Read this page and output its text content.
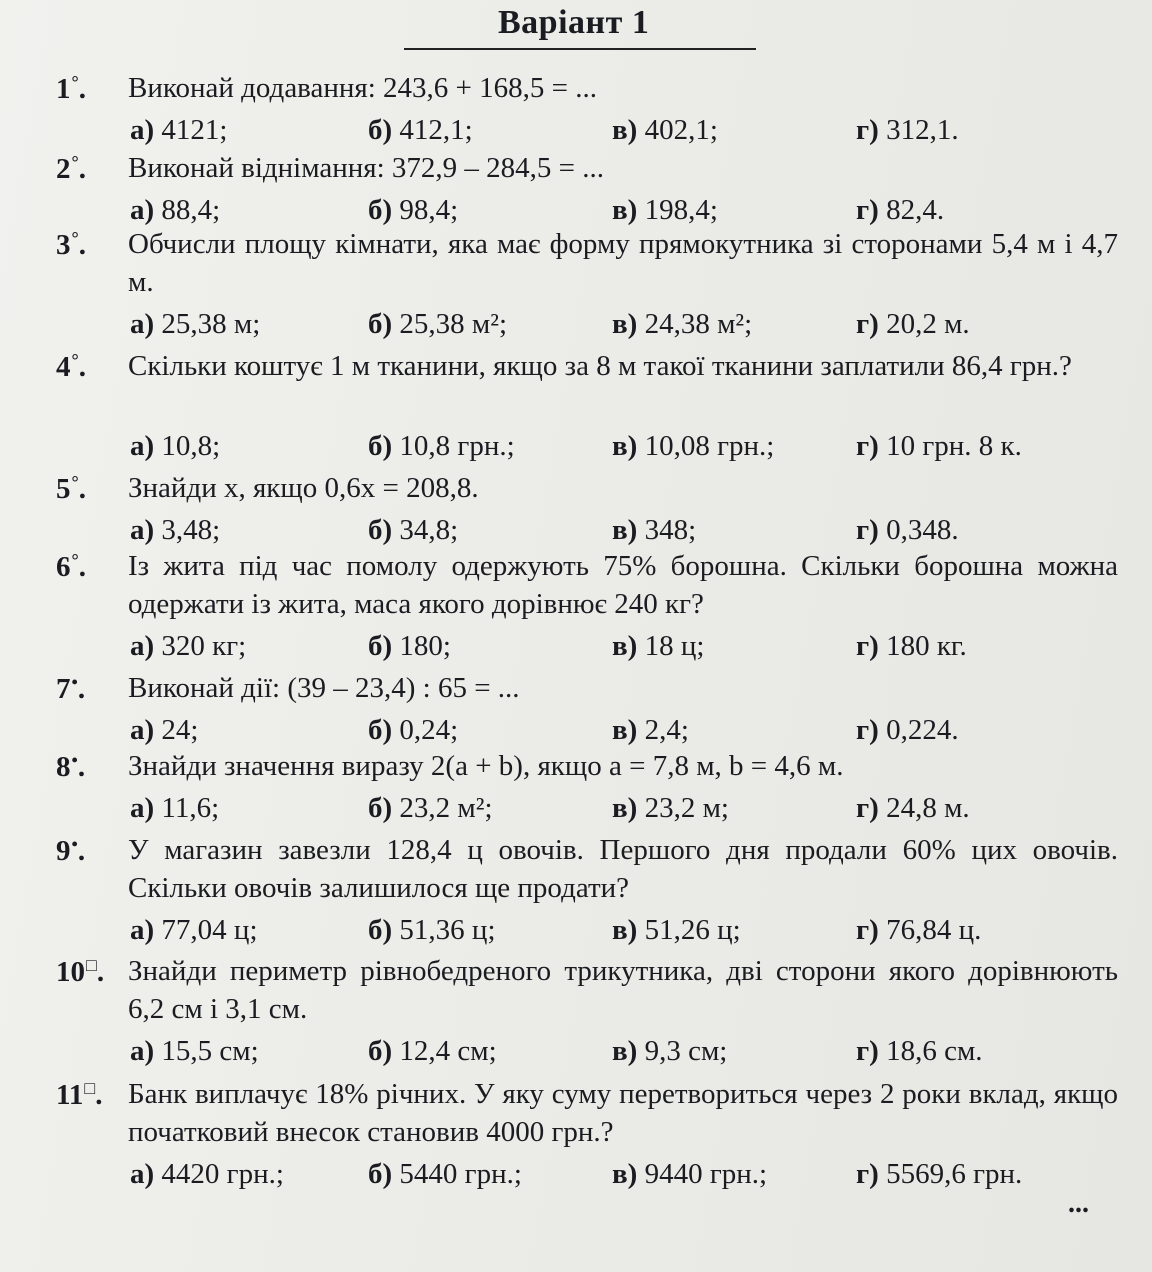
Варіант 1
1°. Виконай додавання: 243,6 + 168,5 = ...
а) 4121;	б) 412,1;	в) 402,1;	г) 312,1.
2°. Виконай віднімання: 372,9 – 284,5 = ...
а) 88,4;	б) 98,4;	в) 198,4;	г) 82,4.
3°. Обчисли площу кімнати, яка має форму прямокутника зі сторонами 5,4 м і 4,7 м.
а) 25,38 м;	б) 25,38 м²;	в) 24,38 м²;	г) 20,2 м.
4°. Скільки коштує 1 м тканини, якщо за 8 м такої тканини заплатили 86,4 грн.?
а) 10,8;	б) 10,8 грн.;	в) 10,08 грн.;	г) 10 грн. 8 к.
5°. Знайди x, якщо 0,6x = 208,8.
а) 3,48;	б) 34,8;	в) 348;	г) 0,348.
6°. Із жита під час помолу одержують 75% борошна. Скільки борошна можна одержати із жита, маса якого дорівнює 240 кг?
а) 320 кг;	б) 180;	в) 18 ц;	г) 180 кг.
7•. Виконай дії: (39 – 23,4) : 65 = ...
а) 24;	б) 0,24;	в) 2,4;	г) 0,224.
8•. Знайди значення виразу 2(a + b), якщо a = 7,8 м, b = 4,6 м.
а) 11,6;	б) 23,2 м²;	в) 23,2 м;	г) 24,8 м.
9•. У магазин завезли 128,4 ц овочів. Першого дня продали 60% цих овочів. Скільки овочів залишилося ще продати?
а) 77,04 ц;	б) 51,36 ц;	в) 51,26 ц;	г) 76,84 ц.
10□. Знайди периметр рівнобедреного трикутника, дві сторони якого дорівнюють 6,2 см і 3,1 см.
а) 15,5 см;	б) 12,4 см;	в) 9,3 см;	г) 18,6 см.
11□. Банк виплачує 18% річних. У яку суму перетвориться через 2 роки вклад, якщо початковий внесок становив 4000 грн.?
а) 4420 грн.;	б) 5440 грн.;	в) 9440 грн.;	г) 5569,6 грн.
...
